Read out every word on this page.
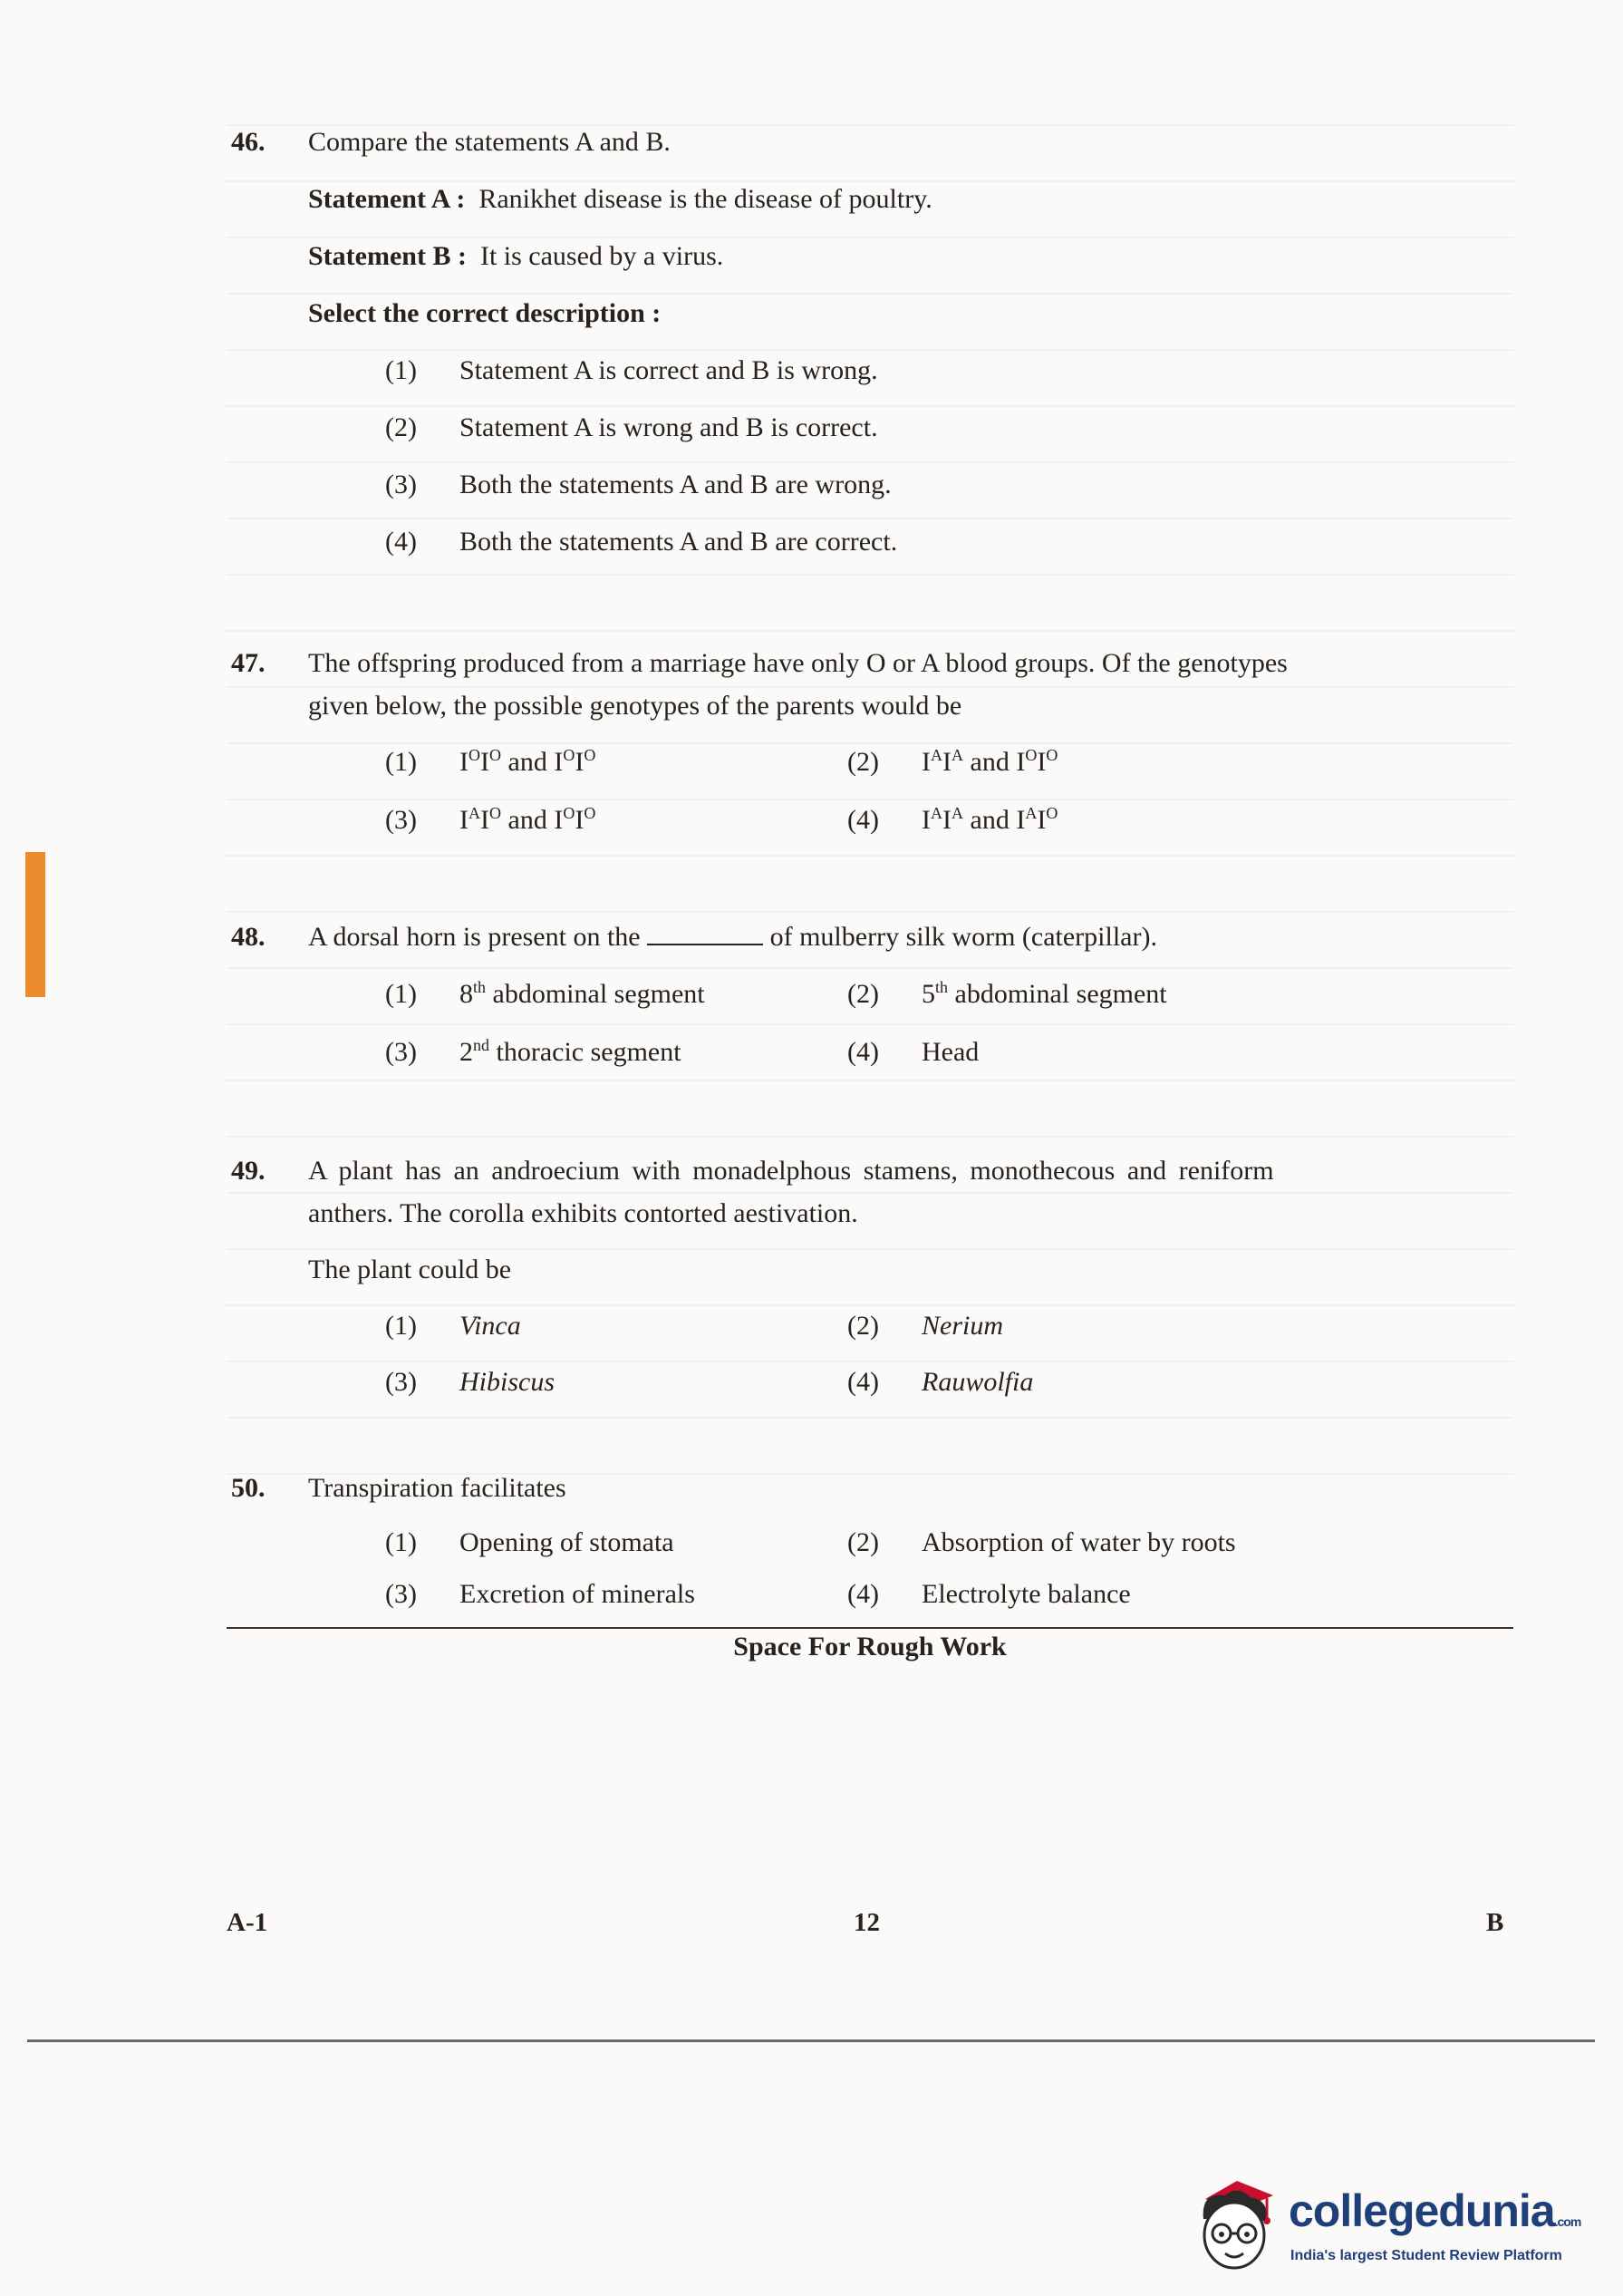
46. Compare the statements A and B.
Statement A : Ranikhet disease is the disease of poultry.
Statement B : It is caused by a virus.
Select the correct description :
(1) Statement A is correct and B is wrong.
(2) Statement A is wrong and B is correct.
(3) Both the statements A and B are wrong.
(4) Both the statements A and B are correct.
47. The offspring produced from a marriage have only O or A blood groups. Of the genotypes
given below, the possible genotypes of the parents would be
(1) $I^OI^O$ and $I^OI^O$	(2) $I^AI^A$ and $I^OI^O$
(3) $I^AI^O$ and $I^OI^O$	(4) $I^AI^A$ and $I^AI^O$
48. A dorsal horn is present on the	of mulberry silk worm (caterpillar).
(1) 8th abdominal segment	(2) 5th abdominal segment
(3) 2nd thoracic segment	(4) Head
49. A plant has an androecium with monadelphous stamens, monothecous and reniform
anthers. The corolla exhibits contorted aestivation.
The plant could be
(1) Vinca	(2) Nerium
(3) Hibiscus	(4) Rauwolfia
50. Transpiration facilitates
(1) Opening of stomata	(2) Absorption of water by roots
(3) Excretion of minerals	(4) Electrolyte balance
Space For Rough Work
A-1	12	B
collegedunia.com
India's largest Student Review Platform
